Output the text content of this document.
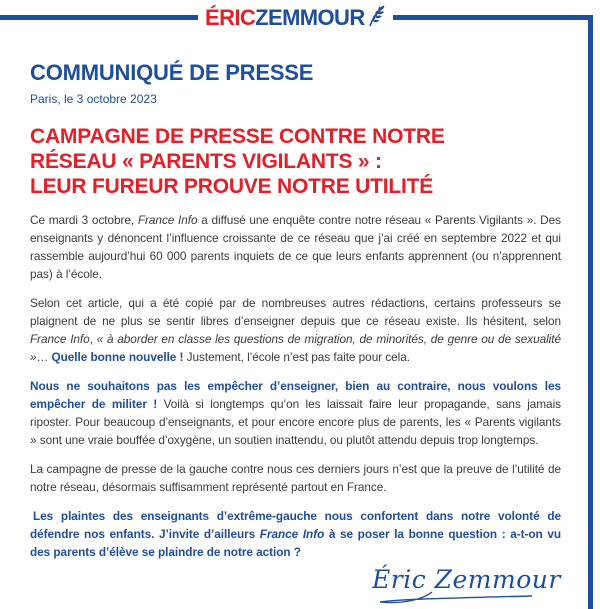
ÉRIC ZEMMOUR
COMMUNIQUÉ DE PRESSE
Paris, le 3 octobre 2023
CAMPAGNE DE PRESSE CONTRE NOTRE
RÉSEAU « PARENTS VIGILANTS » :
LEUR FUREUR PROUVE NOTRE UTILITÉ

Ce mardi 3 octobre, France Info a diffusé une enquête contre notre réseau « Parents Vigilants ». Des enseignants y dénoncent l’influence croissante de ce réseau que j’ai créé en septembre 2022 et qui rassemble aujourd’hui 60 000 parents inquiets de ce que leurs enfants apprennent (ou n’apprennent pas) à l’école.

Selon cet article, qui a été copié par de nombreuses autres rédactions, certains professeurs se plaignent de ne plus se sentir libres d’enseigner depuis que ce réseau existe. Ils hésitent, selon France Info, « à aborder en classe les questions de migration, de minorités, de genre ou de sexualité »… Quelle bonne nouvelle ! Justement, l’école n’est pas faite pour cela.

Nous ne souhaitons pas les empêcher d’enseigner, bien au contraire, nous voulons les empêcher de militer ! Voilà si longtemps qu’on les laissait faire leur propagande, sans jamais riposter. Pour beaucoup d’enseignants, et pour encore encore plus de parents, les « Parents vigilants » sont une vraie bouffée d’oxygène, un soutien inattendu, ou plutôt attendu depuis trop longtemps.

La campagne de presse de la gauche contre nous ces derniers jours n’est que la preuve de l’utilité de notre réseau, désormais suffisamment représenté partout en France.

Les plaintes des enseignants d’extrême-gauche nous confortent dans notre volonté de défendre nos enfants. J’invite d’ailleurs France Info à se poser la bonne question : a-t-on vu des parents d’élève se plaindre de notre action ?

Éric Zemmour
